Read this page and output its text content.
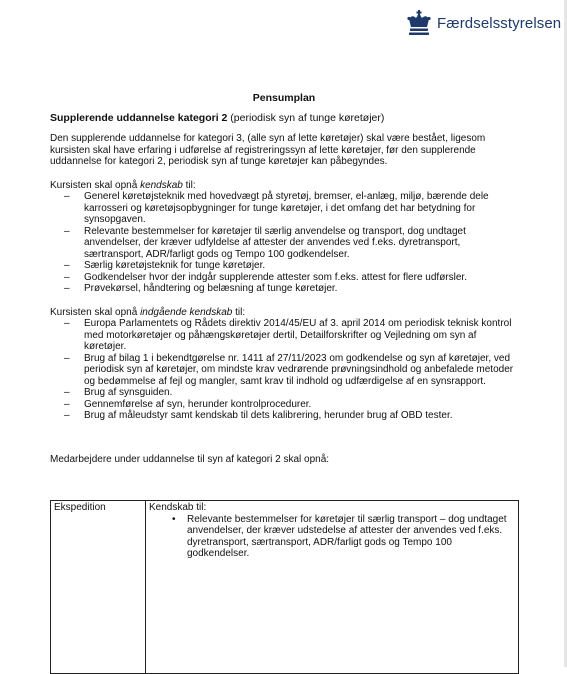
Færdselsstyrelsen

Pensumplan

Supplerende uddannelse kategori 2 (periodisk syn af tunge køretøjer)

Den supplerende uddannelse for kategori 3, (alle syn af lette køretøjer) skal være bestået, ligesom kursisten skal have erfaring i udførelse af registreringssyn af lette køretøjer, før den supplerende uddannelse for kategori 2, periodisk syn af tunge køretøjer kan påbegyndes.

Kursisten skal opnå kendskab til:

– Generel køretøjsteknik med hovedvægt på styretøj, bremser, el-anlæg, miljø, bærende dele karrosseri og køretøjsopbygninger for tunge køretøjer, i det omfang det har betydning for synsopgaven.
– Relevante bestemmelser for køretøjer til særlig anvendelse og transport, dog undtaget anvendelser, der kræver udfyldelse af attester der anvendes ved f.eks. dyretransport, særtransport, ADR/farligt gods og Tempo 100 godkendelser.
– Særlig køretøjsteknik for tunge køretøjer.
– Godkendelser hvor der indgår supplerende attester som f.eks. attest for flere udførsler.
– Prøvekørsel, håndtering og belæsning af tunge køretøjer.

Kursisten skal opnå indgående kendskab til:

– Europa Parlamentets og Rådets direktiv 2014/45/EU af 3. april 2014 om periodisk teknisk kontrol med motorkøretøjer og påhængskøretøjer dertil, Detailforskrifter og Vejledning om syn af køretøjer.
– Brug af bilag 1 i bekendtgørelse nr. 1411 af 27/11/2023 om godkendelse og syn af køretøjer, ved periodisk syn af køretøjer, om mindste krav vedrørende prøvningsindhold og anbefalede metoder og bedømmelse af fejl og mangler, samt krav til indhold og udfærdigelse af en synsrapport.
– Brug af synsguiden.
– Gennemførelse af syn, herunder kontrolprocedurer.
– Brug af måleudstyr samt kendskab til dets kalibrering, herunder brug af OBD tester.

Medarbejdere under uddannelse til syn af kategori 2 skal opnå:

Ekspedition	Kendskab til:

• Relevante bestemmelser for køretøjer til særlig transport – dog undtaget anvendelser, der kræver udstedelse af attester der anvendes ved f.eks. dyretransport, særtransport, ADR/farligt gods og Tempo 100 godkendelser.
